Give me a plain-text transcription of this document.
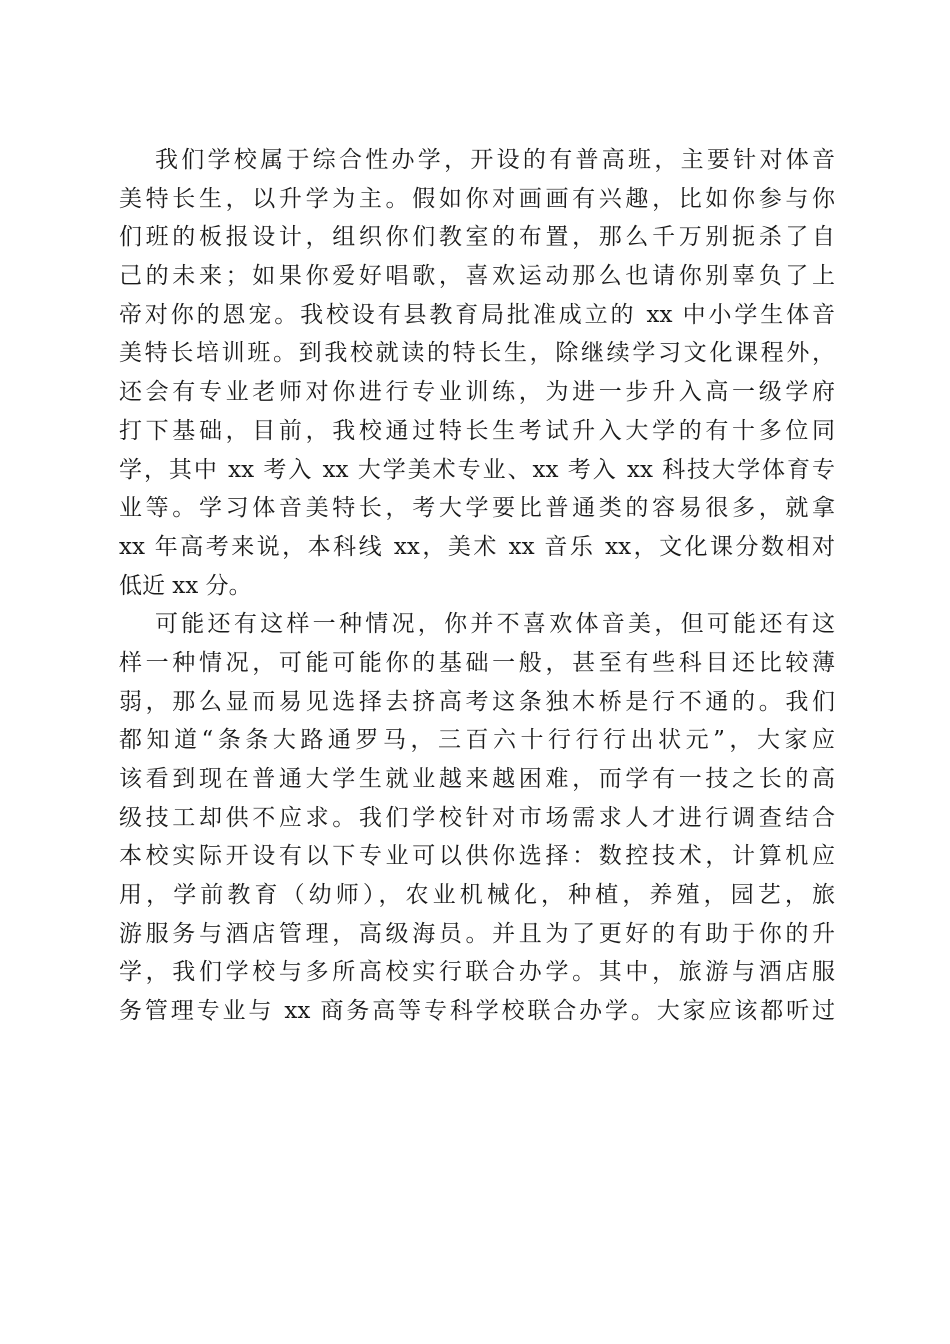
我们学校属于综合性办学，开设的有普高班，主要针对体音
美特长生，以升学为主。假如你对画画有兴趣，比如你参与你
们班的板报设计，组织你们教室的布置，那么千万别扼杀了自
己的未来；如果你爱好唱歌，喜欢运动那么也请你别辜负了上
帝对你的恩宠。我校设有县教育局批准成立的 xx 中小学生体音
美特长培训班。到我校就读的特长生，除继续学习文化课程外，
还会有专业老师对你进行专业训练，为进一步升入高一级学府
打下基础，目前，我校通过特长生考试升入大学的有十多位同
学，其中 xx 考入 xx 大学美术专业、xx 考入 xx 科技大学体育专
业等。学习体音美特长，考大学要比普通类的容易很多，就拿
xx 年高考来说，本科线 xx，美术 xx 音乐 xx，文化课分数相对
低近 xx 分。
可能还有这样一种情况，你并不喜欢体音美，但可能还有这
样一种情况，可能可能你的基础一般，甚至有些科目还比较薄
弱，那么显而易见选择去挤高考这条独木桥是行不通的。我们
都知道“条条大路通罗马，三百六十行行行出状元”，大家应
该看到现在普通大学生就业越来越困难，而学有一技之长的高
级技工却供不应求。我们学校针对市场需求人才进行调查结合
本校实际开设有以下专业可以供你选择：数控技术，计算机应
用，学前教育（幼师），农业机械化，种植，养殖，园艺，旅
游服务与酒店管理，高级海员。并且为了更好的有助于你的升
学，我们学校与多所高校实行联合办学。其中，旅游与酒店服
务管理专业与 xx 商务高等专科学校联合办学。大家应该都听过
